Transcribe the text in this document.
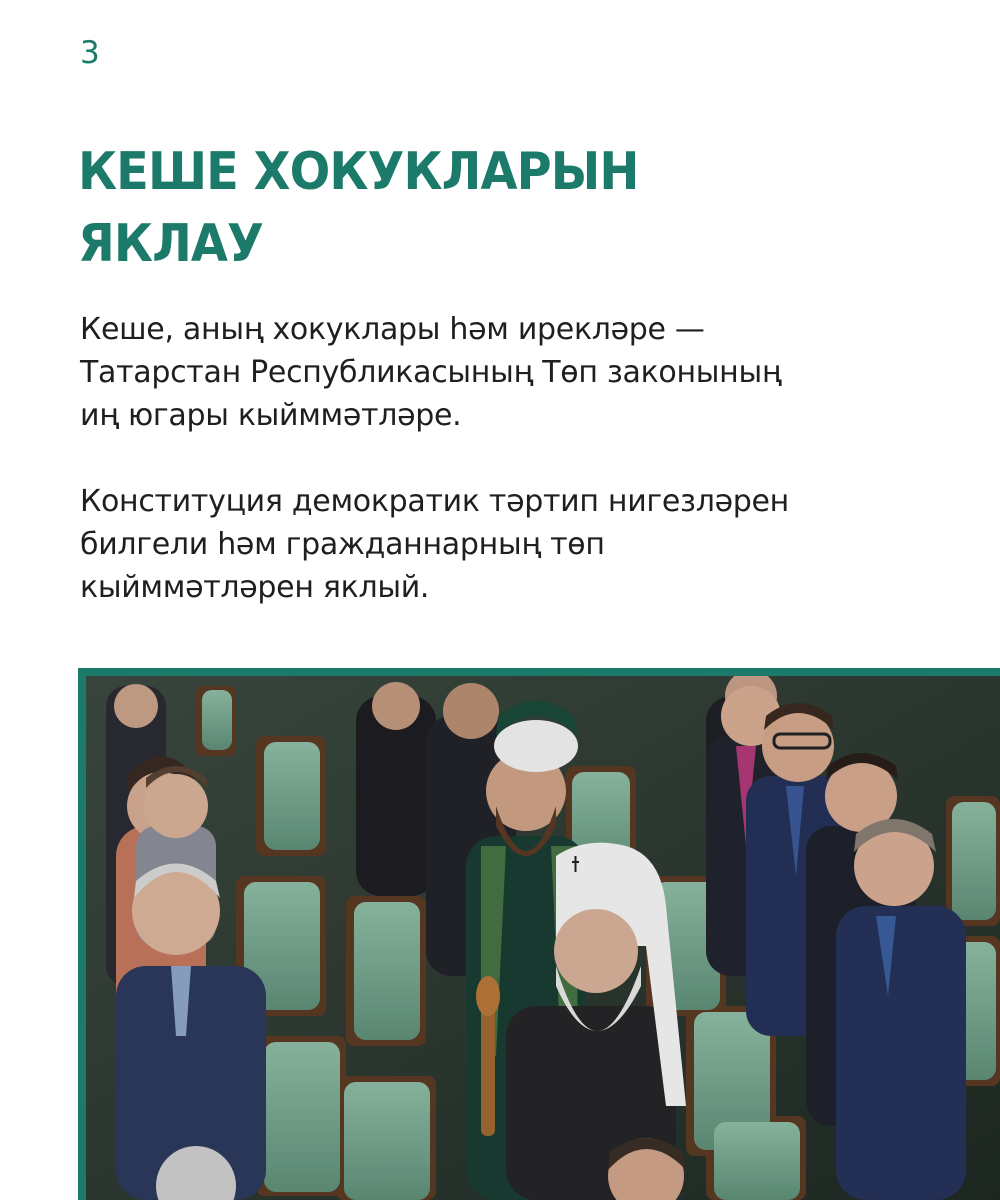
3
КЕШЕ ХОКУКЛАРЫН
ЯКЛАУ

Кеше, аның хокуклары һәм ирекләре —
Татарстан Республикасының Төп законының
иң югары кыйммәтләре.

Конституция демократик тәртип нигезләрен
билгели һәм гражданнарның төп
кыйммәтләрен яклый.
